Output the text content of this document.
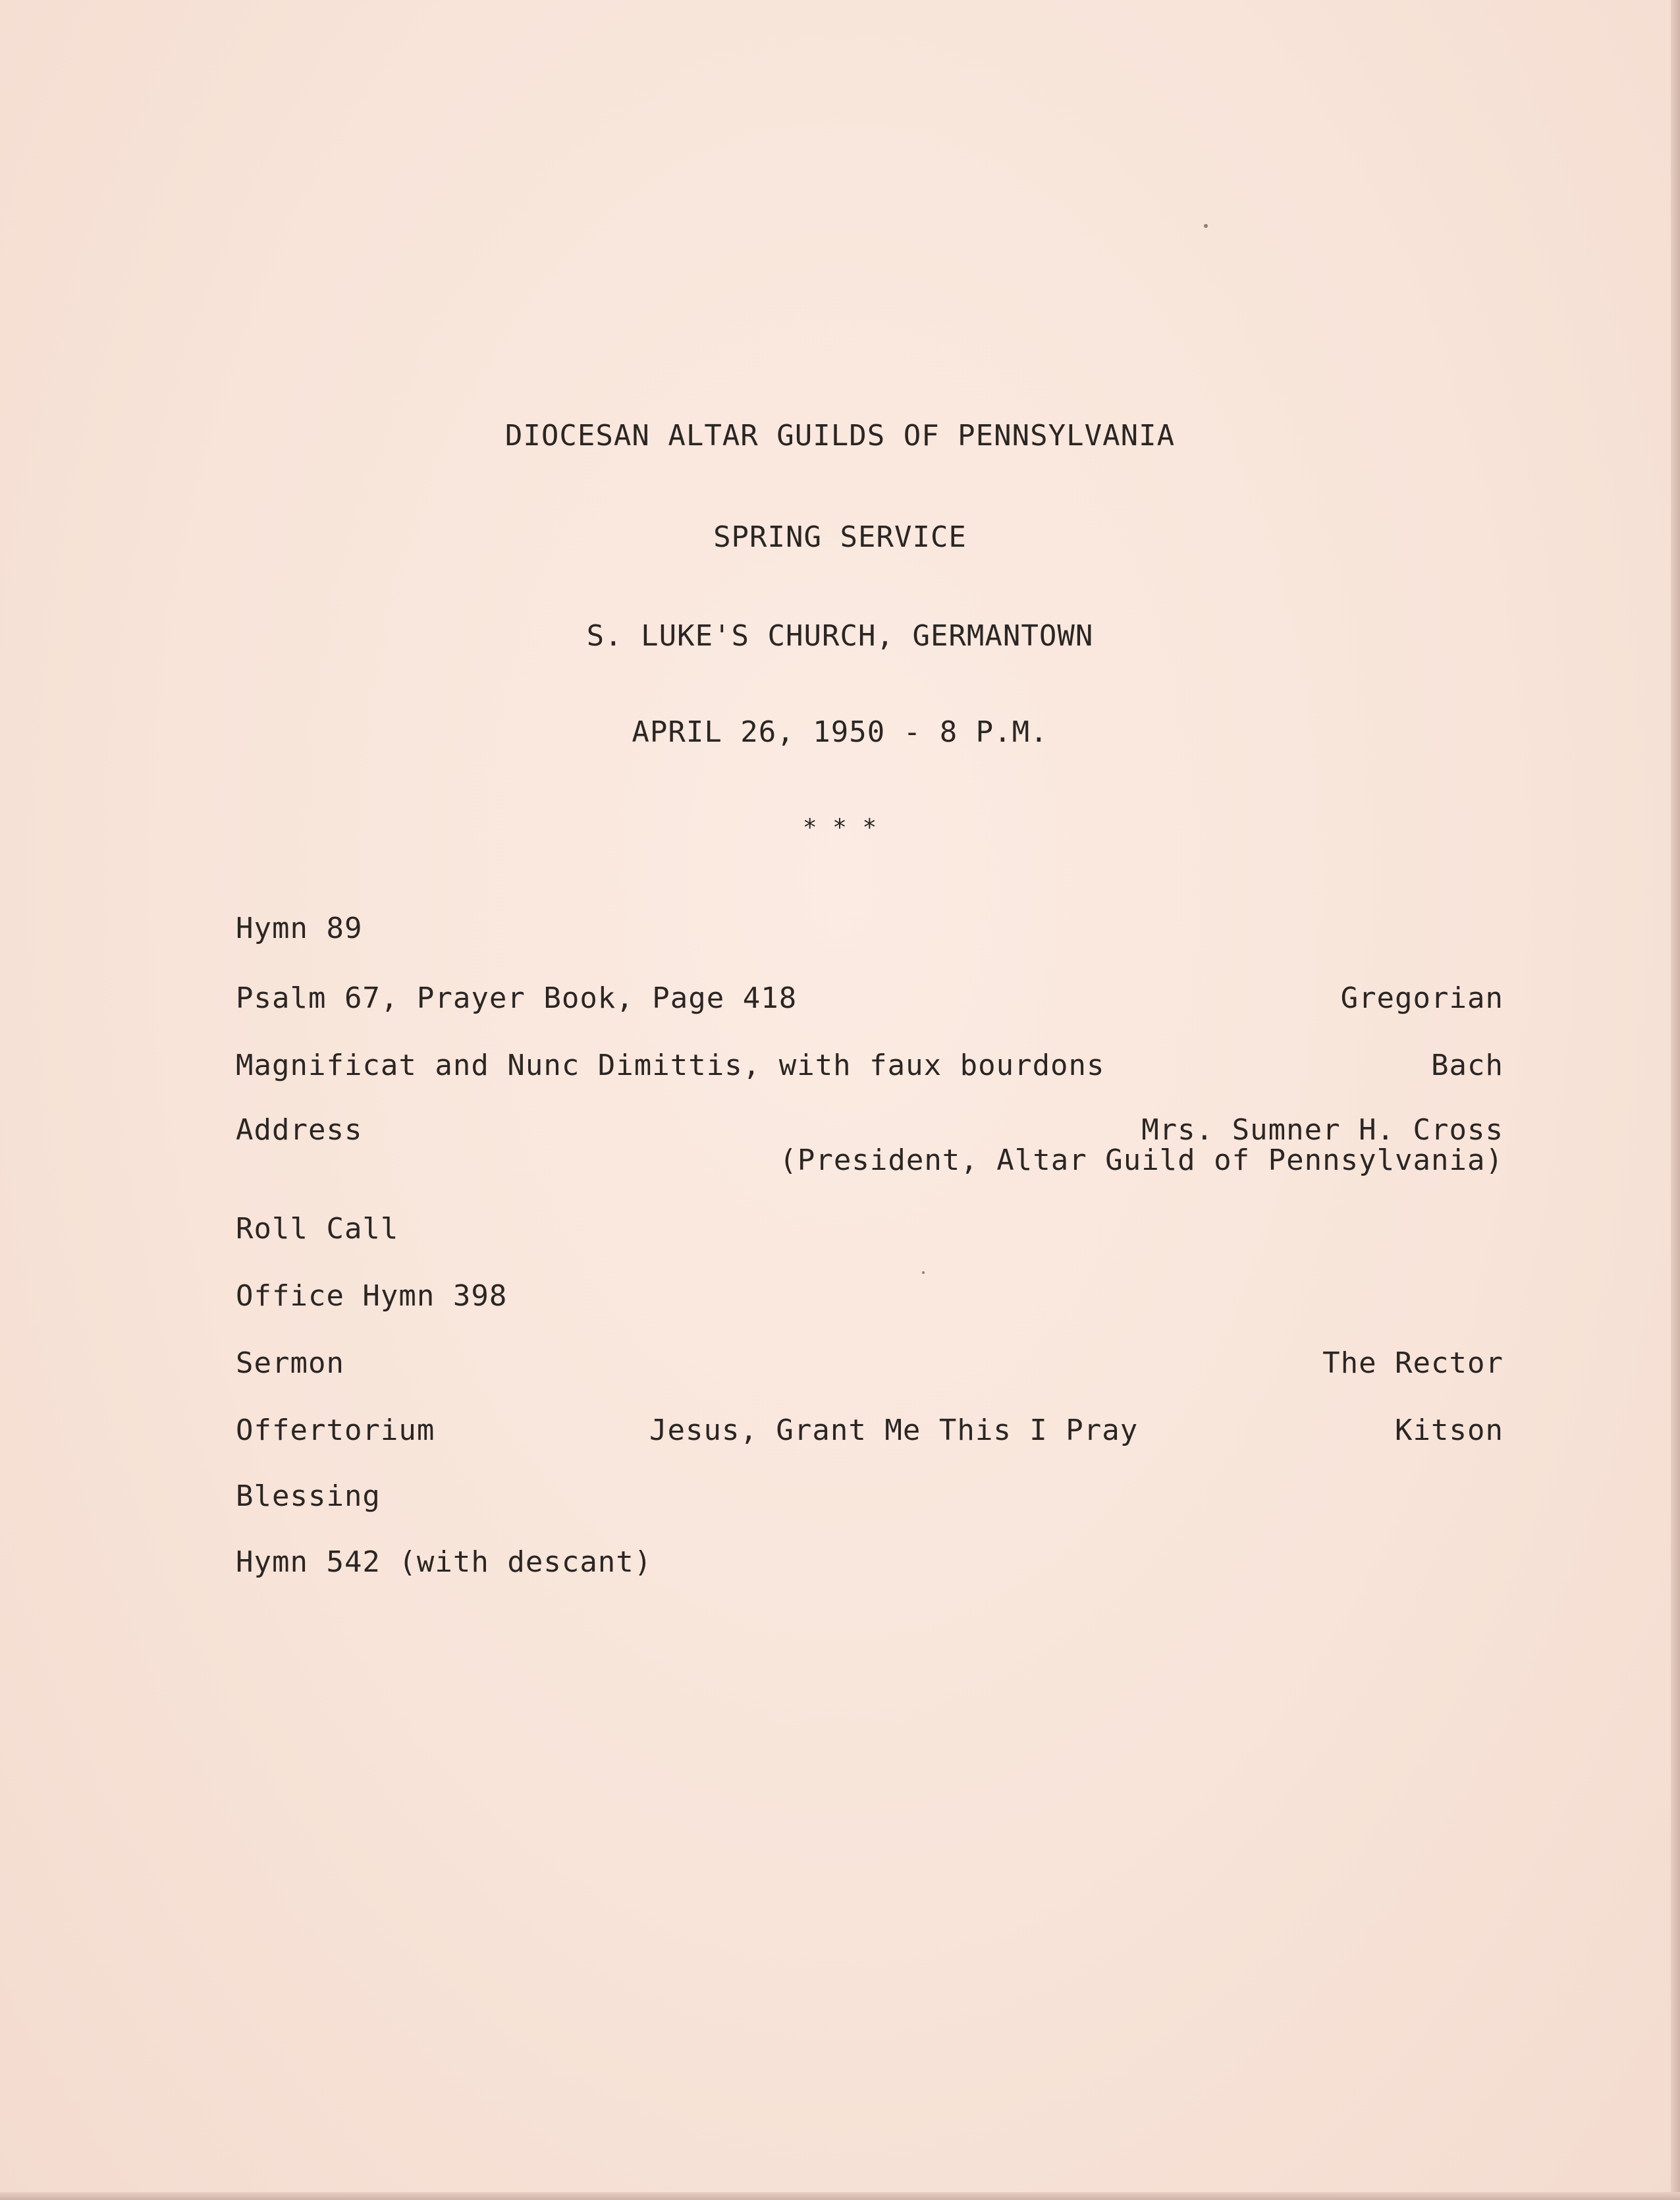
DIOCESAN ALTAR GUILDS OF PENNSYLVANIA
SPRING SERVICE
S. LUKE'S CHURCH, GERMANTOWN
APRIL 26, 1950 - 8 P.M.
* * *
Hymn 89
Psalm 67, Prayer Book, Page 418	Gregorian
Magnificat and Nunc Dimittis, with faux bourdons	Bach
Address	Mrs. Sumner H. Cross
(President, Altar Guild of Pennsylvania)
Roll Call
Office Hymn 398
Sermon	The Rector
Offertorium	Jesus, Grant Me This I Pray	Kitson
Blessing
Hymn 542 (with descant)
